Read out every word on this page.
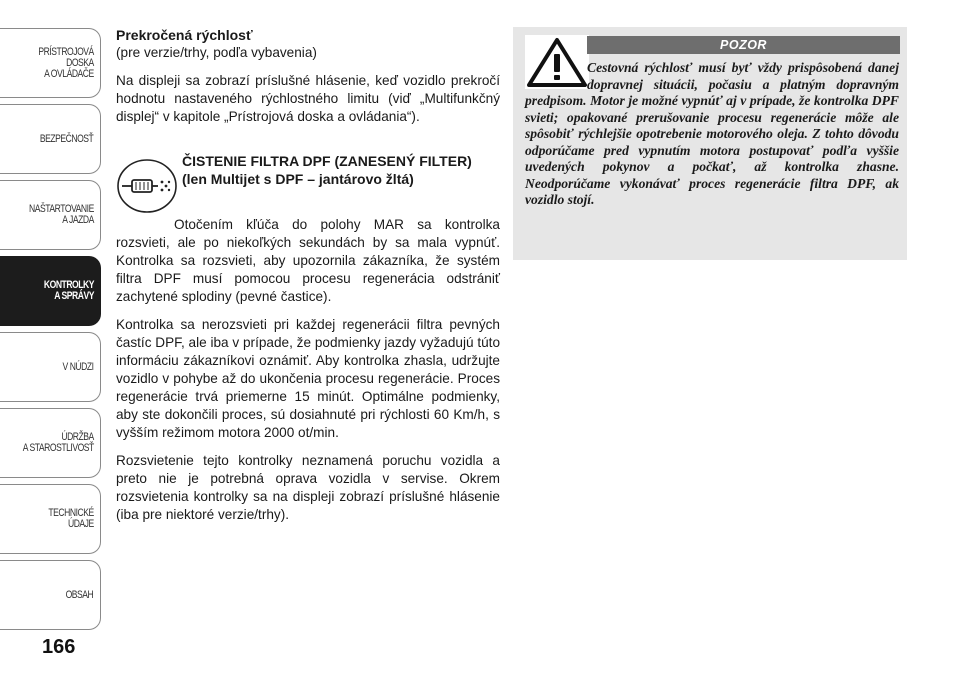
PRÍSTROJOVÁ
DOSKA
A OVLÁDAČE
BEZPEČNOSŤ
NAŠTARTOVANIE
A JAZDA
KONTROLKY
A SPRÁVY
V NÚDZI
ÚDRŽBA
A STAROSTLIVOSŤ
TECHNICKÉ ÚDAJE
OBSAH
166
Prekročená rýchlosť
(pre verzie/trhy, podľa vybavenia)

Na displeji sa zobrazí príslušné hlásenie, keď vozidlo prekročí hodnotu nastaveného rýchlostného limitu (viď „Multifunkčný displej“ v kapitole „Prístrojová doska a ovládania“).

ČISTENIE FILTRA DPF (ZANESENÝ FILTER) (len Multijet s DPF – jantárovo žltá)

Otočením kľúča do polohy MAR sa kontrolka rozsvieti, ale po niekoľkých sekundách by sa mala vypnúť. Kontrolka sa rozsvieti, aby upozornila zákazníka, že systém filtra DPF musí pomocou procesu regenerácia odstrániť zachytené splodiny (pevné častice).

Kontrolka sa nerozsvieti pri každej regenerácii filtra pevných častíc DPF, ale iba v prípade, že podmienky jazdy vyžadujú túto informáciu zákazníkovi oznámiť. Aby kontrolka zhasla, udržujte vozidlo v pohybe až do ukončenia procesu regenerácie. Proces regenerácie trvá priemerne 15 minút. Optimálne podmienky, aby ste dokončili proces, sú dosiahnuté pri rýchlosti 60 Km/h, s vyšším režimom motora 2000 ot/min.

Rozsvietenie tejto kontrolky neznamená poruchu vozidla a preto nie je potrebná oprava vozidla v servise. Okrem rozsvietenia kontrolky sa na displeji zobrazí príslušné hlásenie (iba pre niektoré verzie/trhy).

POZOR

Cestovná rýchlosť musí byť vždy prispôsobená danej dopravnej situácii, počasiu a platným dopravným predpisom. Motor je možné vypnúť aj v prípade, že kontrolka DPF svieti; opakované prerušovanie procesu regenerácie môže ale spôsobiť rýchlejšie opotrebenie motorového oleja. Z tohto dôvodu odporúčame pred vypnutím motora postupovať podľa vyššie uvedených pokynov a počkať, až kontrolka zhasne. Neodporúčame vykonávať proces regenerácie filtra DPF, ak vozidlo stojí.
